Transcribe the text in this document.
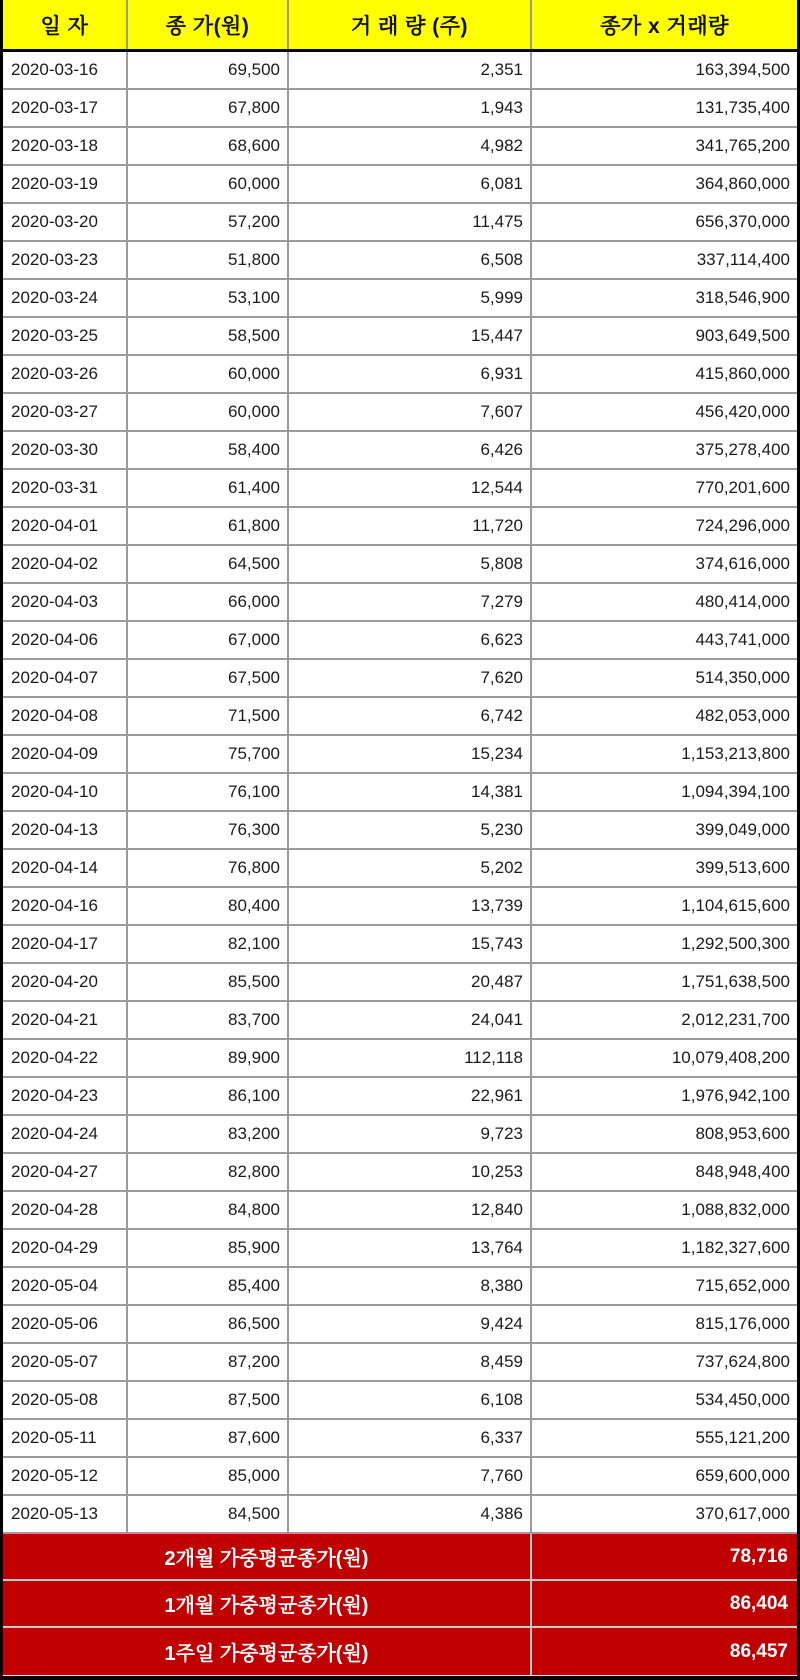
일 자	종 가(원)	거 래 량 (주)	종가 x 거래량
2020-03-16	69,500	2,351	163,394,500
2020-03-17	67,800	1,943	131,735,400
2020-03-18	68,600	4,982	341,765,200
2020-03-19	60,000	6,081	364,860,000
2020-03-20	57,200	11,475	656,370,000
2020-03-23	51,800	6,508	337,114,400
2020-03-24	53,100	5,999	318,546,900
2020-03-25	58,500	15,447	903,649,500
2020-03-26	60,000	6,931	415,860,000
2020-03-27	60,000	7,607	456,420,000
2020-03-30	58,400	6,426	375,278,400
2020-03-31	61,400	12,544	770,201,600
2020-04-01	61,800	11,720	724,296,000
2020-04-02	64,500	5,808	374,616,000
2020-04-03	66,000	7,279	480,414,000
2020-04-06	67,000	6,623	443,741,000
2020-04-07	67,500	7,620	514,350,000
2020-04-08	71,500	6,742	482,053,000
2020-04-09	75,700	15,234	1,153,213,800
2020-04-10	76,100	14,381	1,094,394,100
2020-04-13	76,300	5,230	399,049,000
2020-04-14	76,800	5,202	399,513,600
2020-04-16	80,400	13,739	1,104,615,600
2020-04-17	82,100	15,743	1,292,500,300
2020-04-20	85,500	20,487	1,751,638,500
2020-04-21	83,700	24,041	2,012,231,700
2020-04-22	89,900	112,118	10,079,408,200
2020-04-23	86,100	22,961	1,976,942,100
2020-04-24	83,200	9,723	808,953,600
2020-04-27	82,800	10,253	848,948,400
2020-04-28	84,800	12,840	1,088,832,000
2020-04-29	85,900	13,764	1,182,327,600
2020-05-04	85,400	8,380	715,652,000
2020-05-06	86,500	9,424	815,176,000
2020-05-07	87,200	8,459	737,624,800
2020-05-08	87,500	6,108	534,450,000
2020-05-11	87,600	6,337	555,121,200
2020-05-12	85,000	7,760	659,600,000
2020-05-13	84,500	4,386	370,617,000
2개월 가중평균종가(원)	78,716
1개월 가중평균종가(원)	86,404
1주일 가중평균종가(원)	86,457
